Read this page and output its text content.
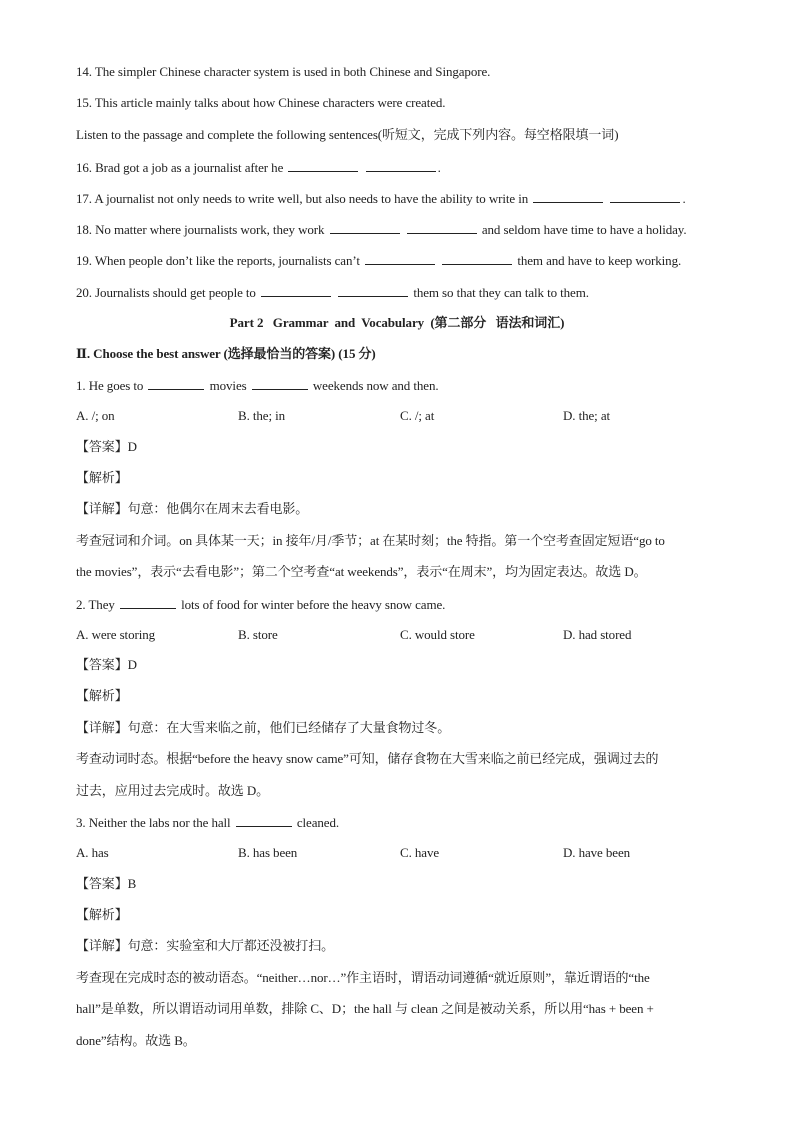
14. The simpler Chinese character system is used in both Chinese and Singapore.
15. This article mainly talks about how Chinese characters were created.
Listen to the passage and complete the following sentences(听短文，完成下列内容。每空格限填一词)
16. Brad got a job as a journalist after he	.
17. A journalist not only needs to write well, but also needs to have the ability to write in	.
18. No matter where journalists work, they work	and seldom have time to have a holiday.
19. When people don’t like the reports, journalists can’t	them and have to keep working.
20. Journalists should get people to	them so that they can talk to them.
Part 2   Grammar  and  Vocabulary  (第二部分   语法和词汇)
Ⅱ. Choose the best answer (选择最恰当的答案) (15 分)
1. He goes to	movies	weekends now and then.
A. /; on	B. the; in	C. /; at	D. the; at
【答案】D
【解析】
【详解】句意：他偶尔在周末去看电影。
考查冠词和介词。on 具体某一天；in 接年/月/季节；at 在某时刻；the 特指。第一个空考查固定短语“go to
the movies”，表示“去看电影”；第二个空考查“at weekends”，表示“在周末”，均为固定表达。故选 D。
2. They	lots of food for winter before the heavy snow came.
A. were storing	B. store	C. would store	D. had stored
【答案】D
【解析】
【详解】句意：在大雪来临之前，他们已经储存了大量食物过冬。
考查动词时态。根据“before the heavy snow came”可知，储存食物在大雪来临之前已经完成，强调过去的
过去，应用过去完成时。故选 D。
3. Neither the labs nor the hall	cleaned.
A. has	B. has been	C. have	D. have been
【答案】B
【解析】
【详解】句意：实验室和大厅都还没被打扫。
考查现在完成时态的被动语态。“neither…nor…”作主语时，谓语动词遵循“就近原则”，靠近谓语的“the
hall”是单数，所以谓语动词用单数，排除 C、D；the hall 与 clean 之间是被动关系，所以用“has + been +
done”结构。故选 B。
